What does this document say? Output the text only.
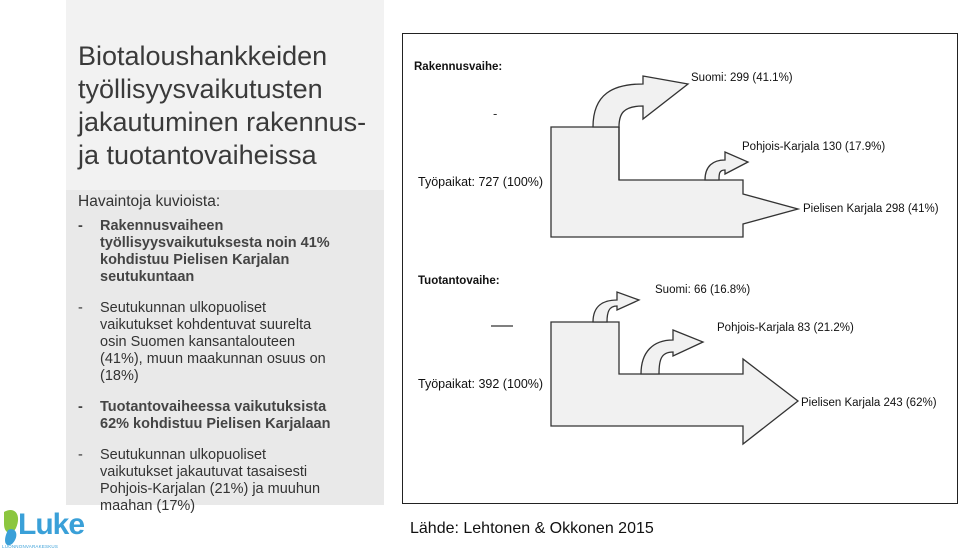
Biotaloushankkeiden
työllisyysvaikutusten
jakautuminen rakennus-
ja tuotantovaiheissa
Havaintoja kuvioista:
- Rakennusvaiheen
työllisyysvaikutuksesta noin 41%
kohdistuu Pielisen Karjalan
seutukuntaan
- Seutukunnan ulkopuoliset
vaikutukset kohdentuvat suurelta
osin Suomen kansantalouteen
(41%), muun maakunnan osuus on
(18%)
- Tuotantovaiheessa vaikutuksista
62% kohdistuu Pielisen Karjalaan
- Seutukunnan ulkopuoliset
vaikutukset jakautuvat tasaisesti
Pohjois-Karjalan (21%) ja muuhun
maahan (17%)
Rakennusvaihe:
-
Työpaikat: 727 (100%)
Suomi: 299 (41.1%)
Pohjois-Karjala 130 (17.9%)
Pielisen Karjala 298 (41%)
Tuotantovaihe:
Työpaikat: 392 (100%)
Suomi: 66 (16.8%)
Pohjois-Karjala 83 (21.2%)
Pielisen Karjala 243 (62%)
Lähde: Lehtonen & Okkonen 2015
Luke
LUONNONVARAKESKUS
